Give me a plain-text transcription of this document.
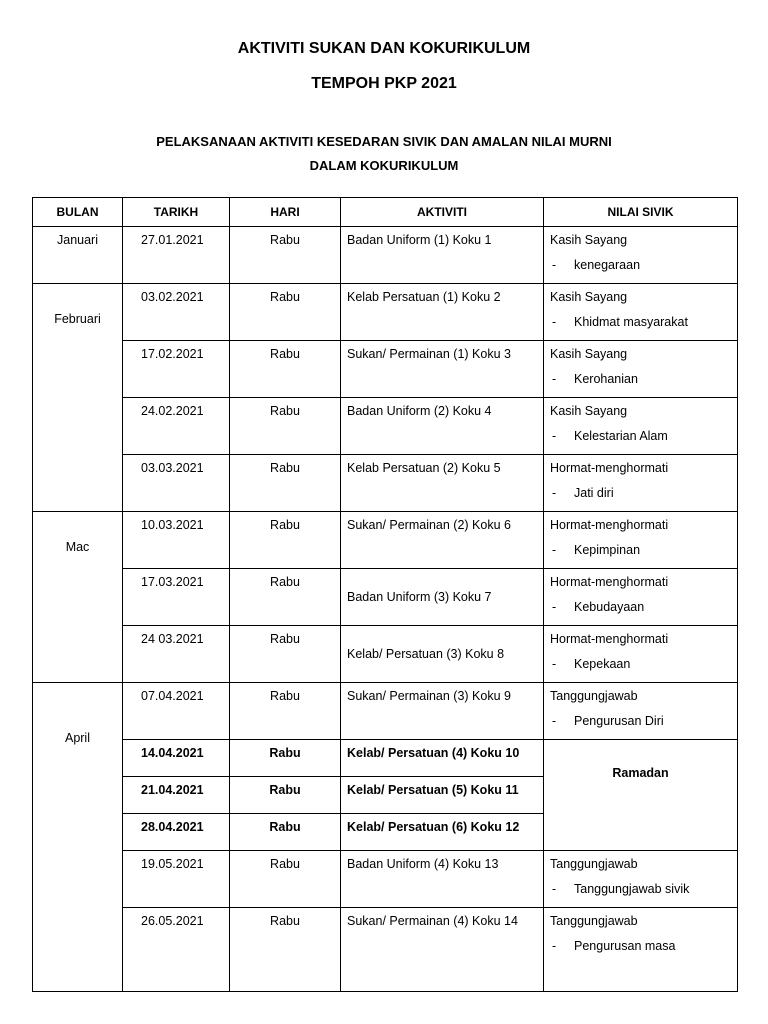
AKTIVITI SUKAN DAN KOKURIKULUM
TEMPOH PKP 2021
PELAKSANAAN AKTIVITI KESEDARAN SIVIK DAN AMALAN NILAI MURNI
DALAM KOKURIKULUM
BULAN	TARIKH	HARI	AKTIVITI	NILAI SIVIK

Januari	27.01.2021	Rabu	Badan Uniform (1) Koku 1	Kasih Sayang
- kenegaraan

Februari	03.02.2021	Rabu	Kelab Persatuan (1) Koku 2	Kasih Sayang
- Khidmat masyarakat

	17.02.2021	Rabu	Sukan/ Permainan (1) Koku 3	Kasih Sayang
- Kerohanian

	24.02.2021	Rabu	Badan Uniform (2) Koku 4	Kasih Sayang
- Kelestarian Alam

	03.03.2021	Rabu	Kelab Persatuan (2) Koku 5	Hormat-menghormati
- Jati diri

Mac	10.03.2021	Rabu	Sukan/ Permainan (2) Koku 6	Hormat-menghormati
- Kepimpinan

	17.03.2021	Rabu	Badan Uniform (3) Koku 7	Hormat-menghormati
- Kebudayaan

	24 03.2021	Rabu	Kelab/ Persatuan (3) Koku 8	Hormat-menghormati
- Kepekaan

April	07.04.2021	Rabu	Sukan/ Permainan (3) Koku 9	Tanggungjawab
- Pengurusan Diri

	14.04.2021	Rabu	Kelab/ Persatuan (4) Koku 10	Ramadan

	21.04.2021	Rabu	Kelab/ Persatuan (5) Koku 11	

	28.04.2021	Rabu	Kelab/ Persatuan (6) Koku 12	

	19.05.2021	Rabu	Badan Uniform (4) Koku 13	Tanggungjawab
- Tanggungjawab sivik

	26.05.2021	Rabu	Sukan/ Permainan (4) Koku 14	Tanggungjawab
- Pengurusan masa
